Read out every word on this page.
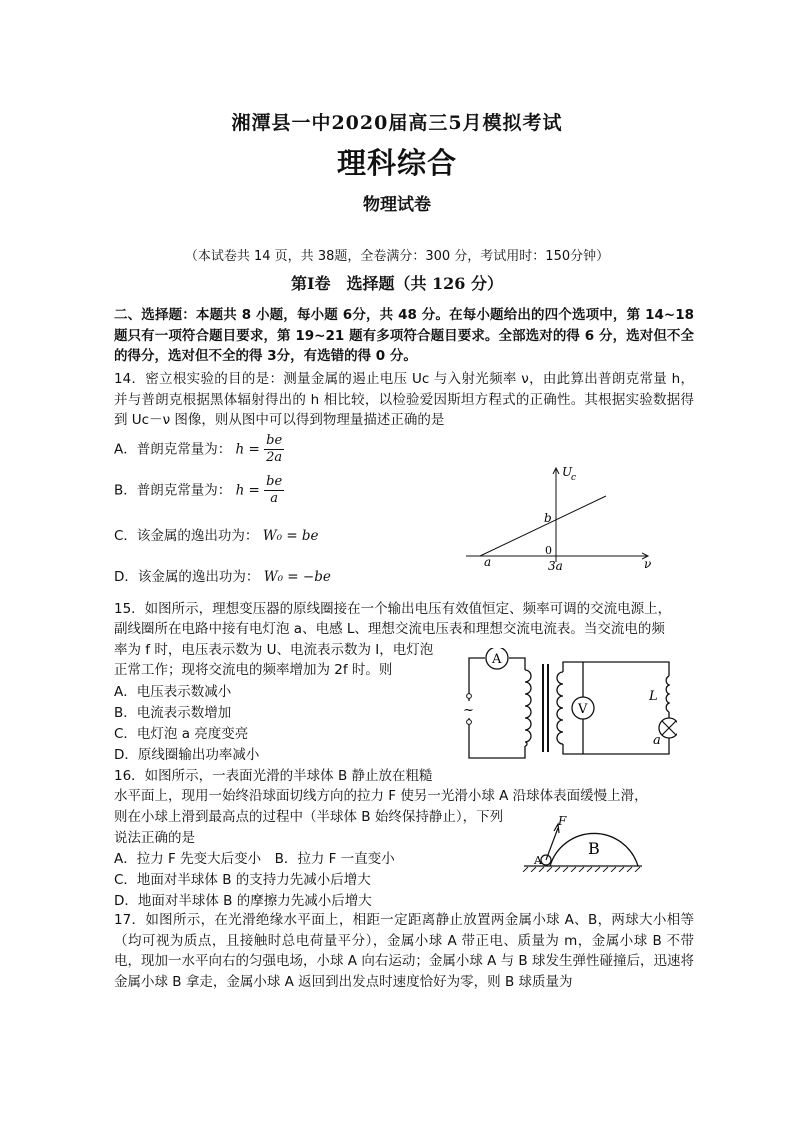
湘潭县一中2020届高三5月模拟考试
理科综合
物理试卷
（本试卷共 14 页，共 38题，全卷满分：300 分，考试用时：150分钟）
第Ⅰ卷　选择题（共 126 分）
二、选择题：本题共 8 小题，每小题 6分，共 48 分。在每小题给出的四个选项中，第 14~18 题只有一项符合题目要求，第 19~21 题有多项符合题目要求。全部选对的得 6 分，选对但不全的得分，选对但不全的得 3分，有选错的得 0 分。
14．密立根实验的目的是：测量金属的遏止电压 Uc 与入射光频率 ν，由此算出普朗克常量 h，并与普朗克根据黑体辐射得出的 h 相比较，以检验爱因斯坦方程式的正确性。其根据实验数据得到 Uc－ν 图像，则从图中可以得到物理量描述正确的是
A．普朗克常量为： $h = \frac{be}{2a}$
B．普朗克常量为： $h = \frac{be}{a}$
C．该金属的逸出功为： W₀ = be
D．该金属的逸出功为： W₀ = −be
U
c
ν
0
b
a	3a
15．如图所示，理想变压器的原线圈接在一个输出电压有效值恒定、频率可调的交流电源上，
副线圈所在电路中接有电灯泡 a、电感 L、理想交流电压表和理想交流电流表。当交流电的频
率为 f 时，电压表示数为 U、电流表示数为 I，电灯泡
正常工作；现将交流电的频率增加为 2f 时。则
A．电压表示数减小
B．电流表示数增加
C．电灯泡 a 亮度变亮
D．原线圈输出功率减小
~
A
V
L
a
16．如图所示，一表面光滑的半球体 B 静止放在粗糙
水平面上，现用一始终沿球面切线方向的拉力 F 使另一光滑小球 A 沿球体表面缓慢上滑，
则在小球上滑到最高点的过程中（半球体 B 始终保持静止），下列
说法正确的是
A．拉力 F 先变大后变小　B．拉力 F 一直变小
C．地面对半球体 B 的支持力先减小后增大
D．地面对半球体 B 的摩擦力先减小后增大
F
A
B
17．如图所示，在光滑绝缘水平面上，相距一定距离静止放置两金属小球 A、B，两球大小相等（均可视为质点，且接触时总电荷量平分），金属小球 A 带正电、质量为 m，金属小球 B 不带电，现加一水平向右的匀强电场，小球 A 向右运动；金属小球 A 与 B 球发生弹性碰撞后，迅速将金属小球 B 拿走，金属小球 A 返回到出发点时速度恰好为零，则 B 球质量为
